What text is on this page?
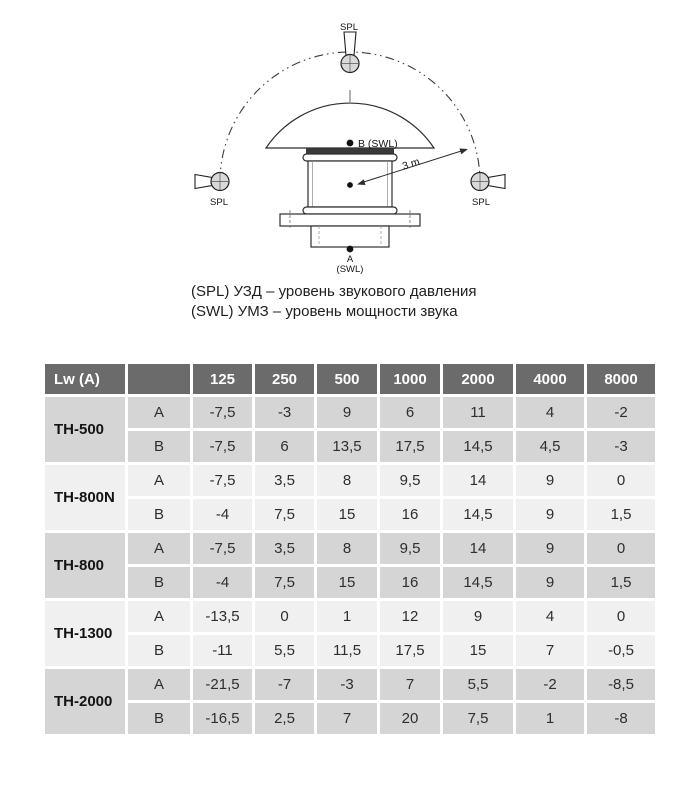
3 m
B (SWL)
A
(SWL)
SPL
SPL	SPL
(SPL) УЗД – уровень звукового давления
(SWL) УМЗ – уровень мощности звука
Lw (A)		125	250	500	1000	2000	4000	8000
TH-500	A	-7,5	-3	9	6	11	4	-2
	B	-7,5	6	13,5	17,5	14,5	4,5	-3
TH-800N	A	-7,5	3,5	8	9,5	14	9	0
	B	-4	7,5	15	16	14,5	9	1,5
TH-800	A	-7,5	3,5	8	9,5	14	9	0
	B	-4	7,5	15	16	14,5	9	1,5
TH-1300	A	-13,5	0	1	12	9	4	0
	B	-11	5,5	11,5	17,5	15	7	-0,5
TH-2000	A	-21,5	-7	-3	7	5,5	-2	-8,5
	B	-16,5	2,5	7	20	7,5	1	-8
